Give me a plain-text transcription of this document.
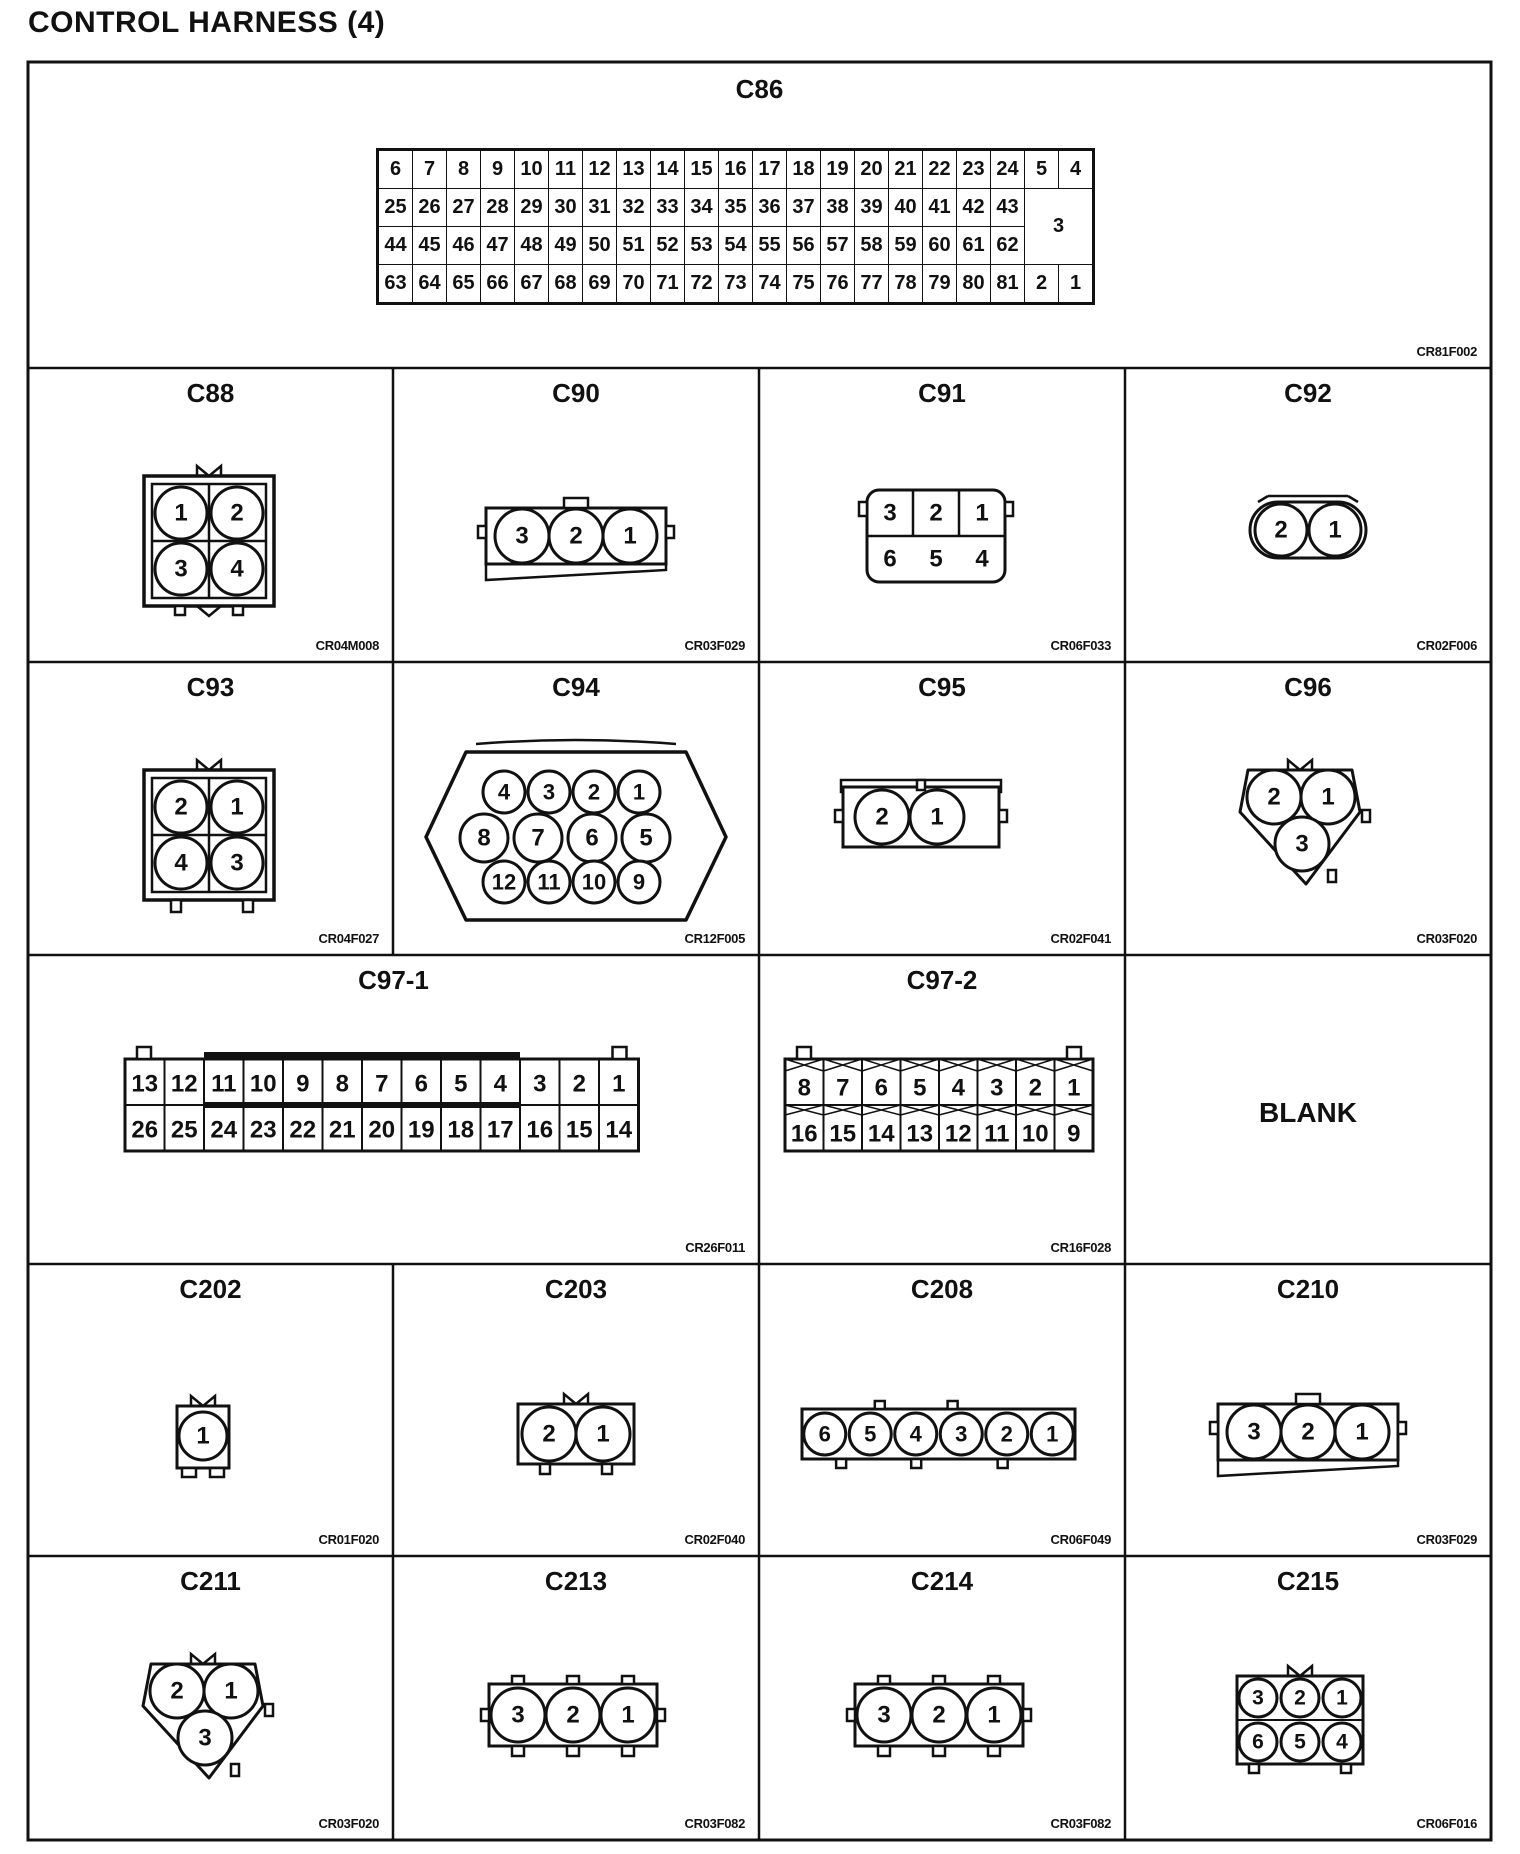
CONTROL HARNESS (4)
C86
CR81F002
6	7	8	9	10	11	12	13	14	15	16	17	18	19	20	21	22	23	24	5	4
25	26	27	28	29	30	31	32	33	34	35	36	37	38	39	40	41	42	43	3	
44	45	46	47	48	49	50	51	52	53	54	55	56	57	58	59	60	61	62		
63	64	65	66	67	68	69	70	71	72	73	74	75	76	77	78	79	80	81	2	1
C88
CR04M008
1 2
3 4
C90
CR03F029
3 2 1
C91
CR06F033
3 2 1
6 5 4
C92
CR02F006
2 1
C93
CR04F027
2 1
4 3
C94
CR12F005
4 3 2 1
8 7 6 5
12 11 10 9
C95
CR02F041
2 1
C96
CR03F020
2 1
3
C97-1
CR26F011
13 12 11 10 9 8 7 6 5 4 3 2 1
26 25 24 23 22 21 20 19 18 17 16 15 14
C97-2
CR16F028
8 7 6 5 4 3 2 1
16 15 14 13 12 11 10 9
BLANK
C202
CR01F020
1
C203
CR02F040
2 1
C208
CR06F049
6 5 4 3 2 1
C210
CR03F029
3 2 1
C211
CR03F020
2 1
3
C213
CR03F082
3 2 1
C214
CR03F082
3 2 1
C215
CR06F016
3 2 1
6 5 4
